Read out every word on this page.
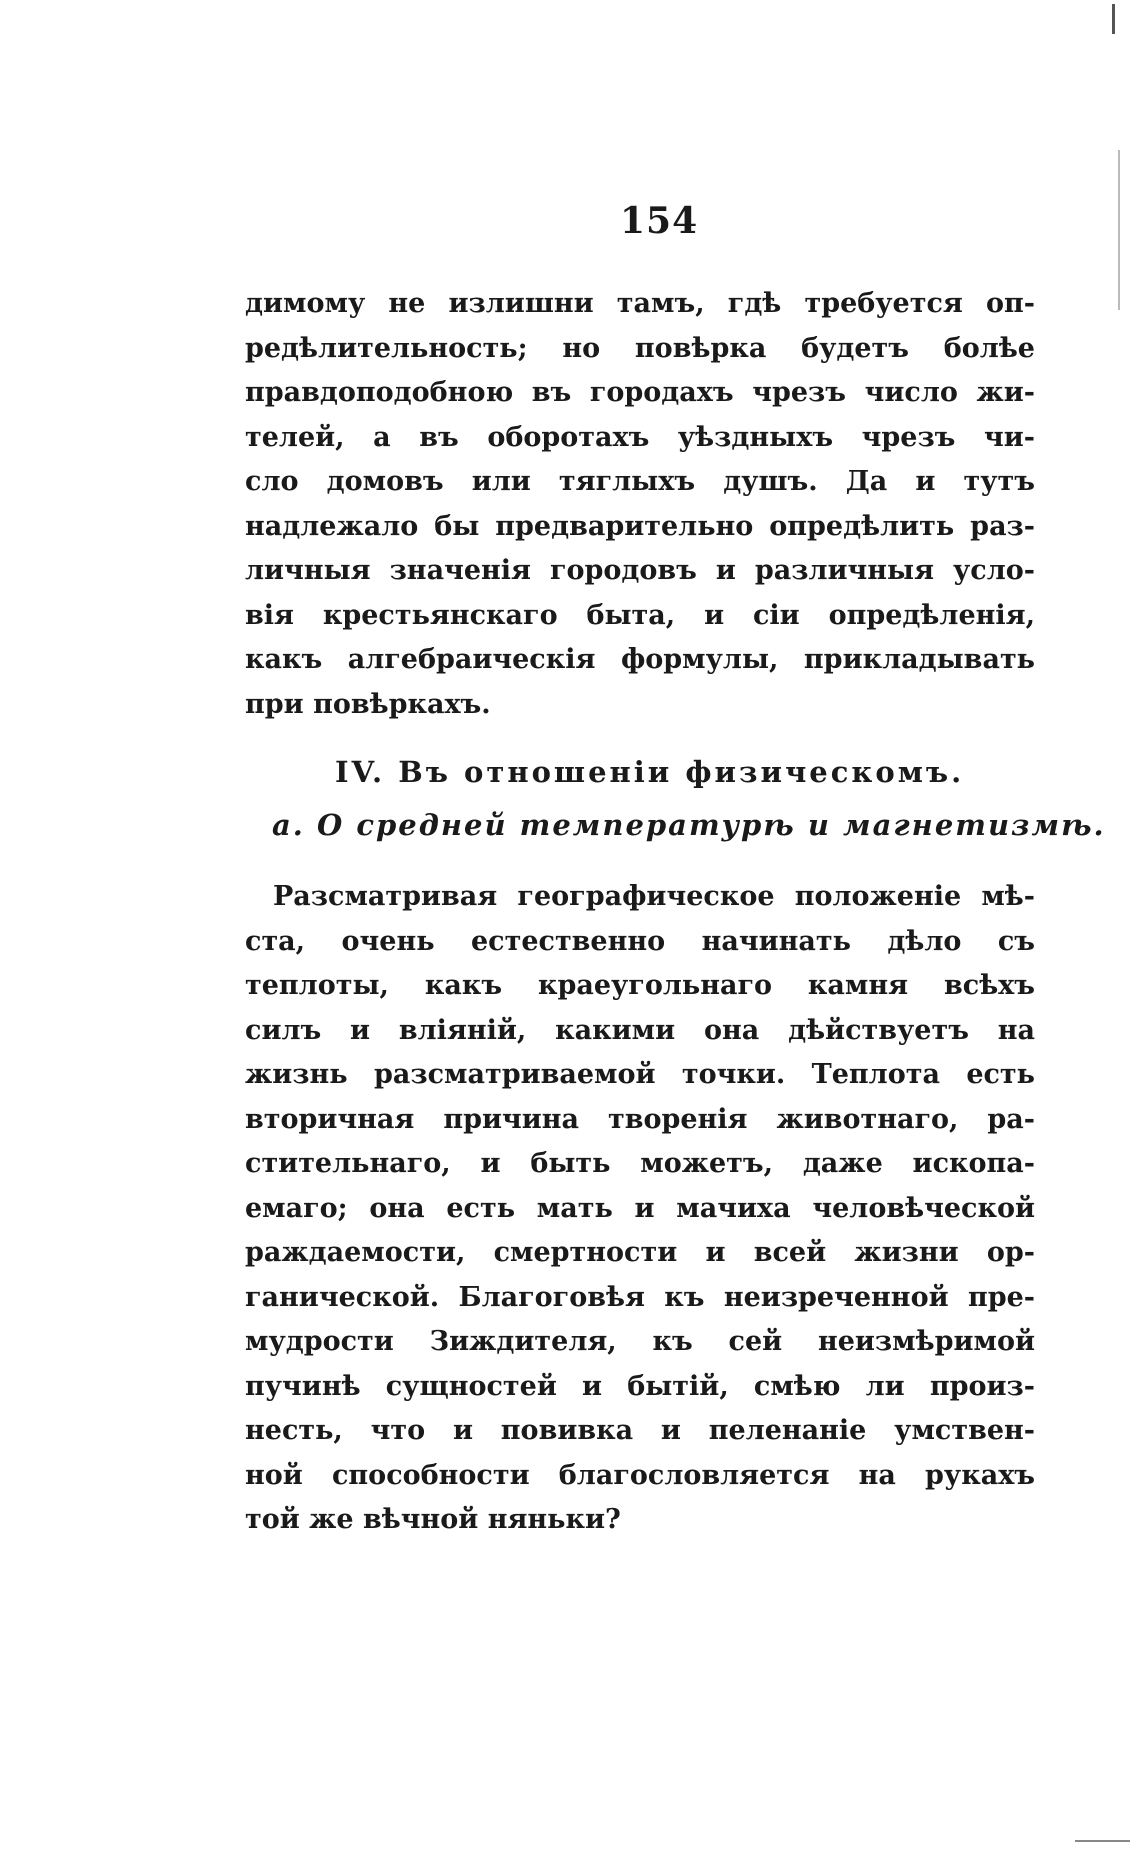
154
димому не излишни тамъ, гдѣ требуется оп-
редѣлительность; но повѣрка будетъ болѣе
правдоподобною въ городахъ чрезъ число жи-
телей, а въ оборотахъ уѣздныхъ чрезъ чи-
сло домовъ или тяглыхъ душъ. Да и тутъ
надлежало бы предварительно опредѣлить раз-
личныя значенія городовъ и различныя усло-
вія крестьянскаго быта, и сіи опредѣленія,
какъ алгебраическія формулы, прикладывать
при повѣркахъ.
IV. Въ отношеніи физическомъ.
а. О средней температурѣ и магнетизмѣ.
Разсматривая географическое положеніе мѣ-
ста, очень естественно начинать дѣло съ
теплоты, какъ краеугольнаго камня всѣхъ
силъ и вліяній, какими она дѣйствуетъ на
жизнь разсматриваемой точки. Теплота есть
вторичная причина творенія животнаго, ра-
стительнаго, и быть можетъ, даже ископа-
емаго; она есть мать и мачиха человѣческой
раждаемости, смертности и всей жизни ор-
ганической. Благоговѣя къ неизреченной пре-
мудрости Зиждителя, къ сей неизмѣримой
пучинѣ сущностей и бытій, смѣю ли произ-
несть, что и повивка и пеленаніе умствен-
ной способности благословляется на рукахъ
той же вѣчной няньки?
